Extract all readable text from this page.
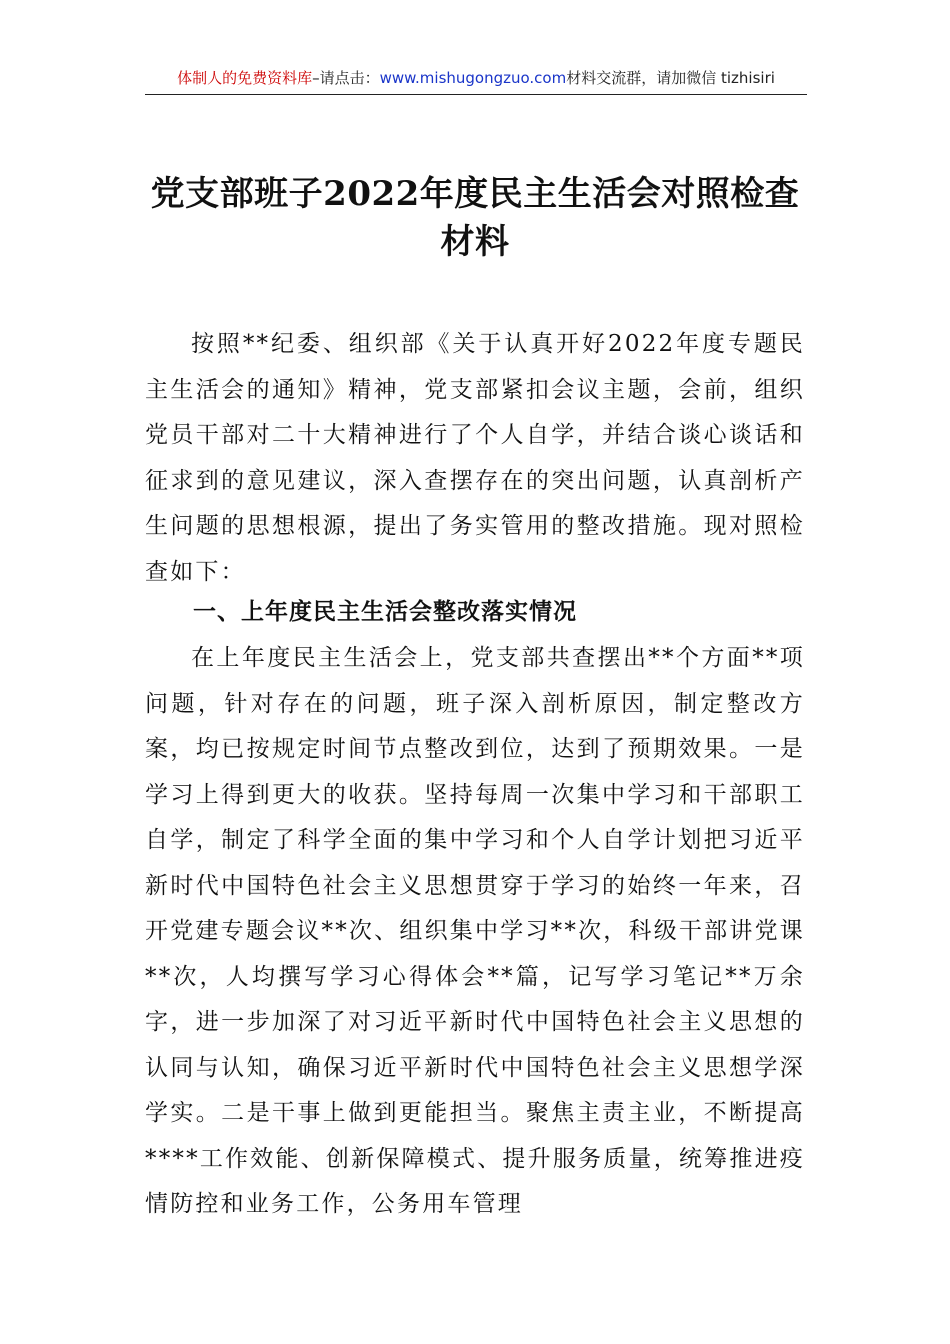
体制人的免费资料库–请点击：www.mishugongzuo.com材料交流群，请加微信 tizhisiri
党支部班子2022年度民主生活会对照检查
材料
按照**纪委、组织部《关于认真开好2022年度专题民主生活会的通知》精神，党支部紧扣会议主题，会前，组织党员干部对二十大精神进行了个人自学，并结合谈心谈话和征求到的意见建议，深入查摆存在的突出问题，认真剖析产生问题的思想根源，提出了务实管用的整改措施。现对照检查如下：
一、上年度民主生活会整改落实情况
在上年度民主生活会上，党支部共查摆出**个方面**项问题，针对存在的问题，班子深入剖析原因，制定整改方案，均已按规定时间节点整改到位，达到了预期效果。一是学习上得到更大的收获。坚持每周一次集中学习和干部职工自学，制定了科学全面的集中学习和个人自学计划把习近平新时代中国特色社会主义思想贯穿于学习的始终一年来，召开党建专题会议**次、组织集中学习**次，科级干部讲党课**次，人均撰写学习心得体会**篇，记写学习笔记**万余字，进一步加深了对习近平新时代中国特色社会主义思想的认同与认知，确保习近平新时代中国特色社会主义思想学深学实。二是干事上做到更能担当。聚焦主责主业，不断提高****工作效能、创新保障模式、提升服务质量，统筹推进疫情防控和业务工作，公务用车管理
